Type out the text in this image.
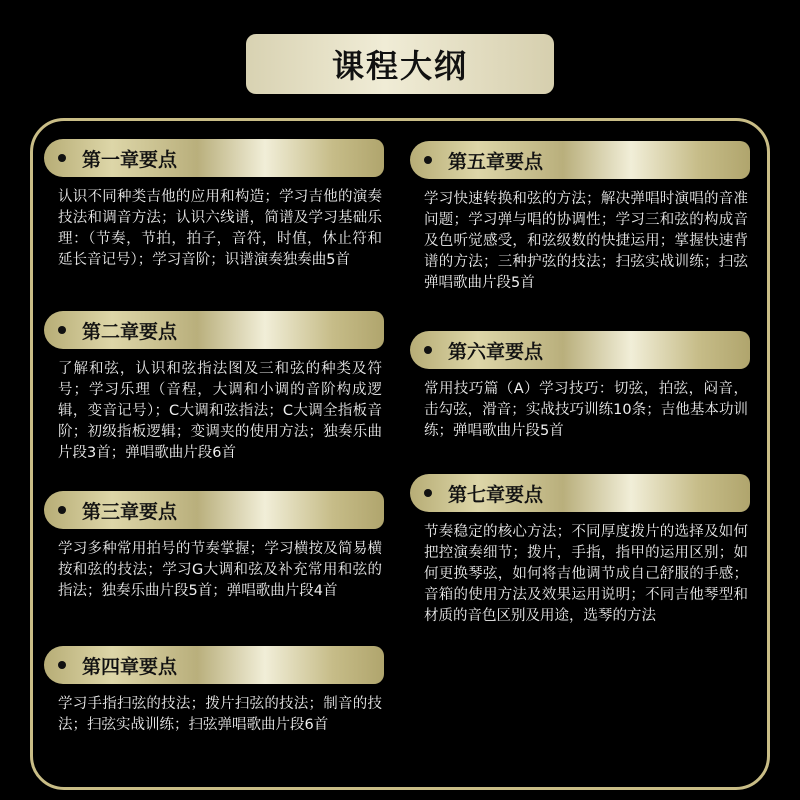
课程大纲
第一章要点

认识不同种类吉他的应用和构造；学习吉他的演奏技法和调音方法；认识六线谱，简谱及学习基础乐理：（节奏，节拍，拍子，音符，时值，休止符和延长音记号）；学习音阶；识谱演奏独奏曲5首

第二章要点

了解和弦，认识和弦指法图及三和弦的种类及符号；学习乐理（音程，大调和小调的音阶构成逻辑，变音记号）；C大调和弦指法；C大调全指板音阶；初级指板逻辑；变调夹的使用方法；独奏乐曲片段3首；弹唱歌曲片段6首

第三章要点

学习多种常用拍号的节奏掌握；学习横按及简易横按和弦的技法；学习G大调和弦及补充常用和弦的指法；独奏乐曲片段5首；弹唱歌曲片段4首

第四章要点

学习手指扫弦的技法；拨片扫弦的技法；制音的技法；扫弦实战训练；扫弦弹唱歌曲片段6首

第五章要点

学习快速转换和弦的方法；解决弹唱时演唱的音准问题；学习弹与唱的协调性；学习三和弦的构成音及色听觉感受，和弦级数的快捷运用；掌握快速背谱的方法；三种护弦的技法；扫弦实战训练；扫弦弹唱歌曲片段5首

第六章要点

常用技巧篇（A）学习技巧：切弦，拍弦，闷音，击勾弦，滑音；实战技巧训练10条；吉他基本功训练；弹唱歌曲片段5首

第七章要点

节奏稳定的核心方法；不同厚度拨片的选择及如何把控演奏细节；拨片，手指，指甲的运用区别；如何更换琴弦，如何将吉他调节成自己舒服的手感；音箱的使用方法及效果运用说明；不同吉他琴型和材质的音色区别及用途，选琴的方法
